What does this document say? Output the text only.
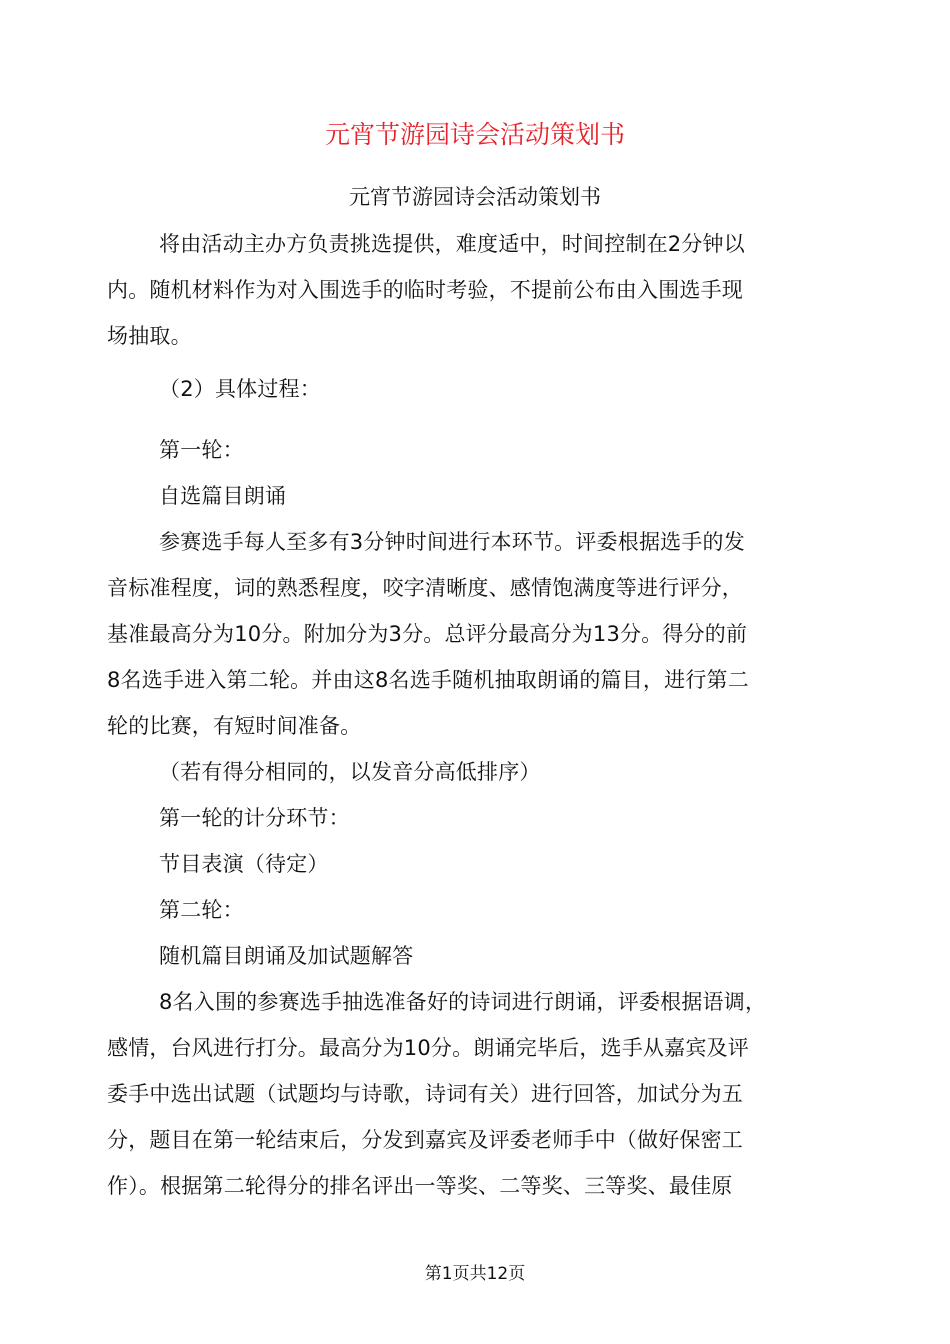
元宵节游园诗会活动策划书
元宵节游园诗会活动策划书

将由活动主办方负责挑选提供，难度适中，时间控制在2分钟以

内。随机材料作为对入围选手的临时考验，不提前公布由入围选手现

场抽取。

（2）具体过程：

第一轮：

自选篇目朗诵

参赛选手每人至多有3分钟时间进行本环节。评委根据选手的发

音标准程度，词的熟悉程度，咬字清晰度、感情饱满度等进行评分，

基准最高分为10分。附加分为3分。总评分最高分为13分。得分的前

8名选手进入第二轮。并由这8名选手随机抽取朗诵的篇目，进行第二

轮的比赛，有短时间准备。

（若有得分相同的，以发音分高低排序）

第一轮的计分环节：

节目表演（待定）

第二轮：

随机篇目朗诵及加试题解答

8名入围的参赛选手抽选准备好的诗词进行朗诵，评委根据语调，

感情，台风进行打分。最高分为10分。朗诵完毕后，选手从嘉宾及评

委手中选出试题（试题均与诗歌，诗词有关）进行回答，加试分为五

分，题目在第一轮结束后，分发到嘉宾及评委老师手中（做好保密工

作）。根据第二轮得分的排名评出一等奖、二等奖、三等奖、最佳原

第1页共12页
